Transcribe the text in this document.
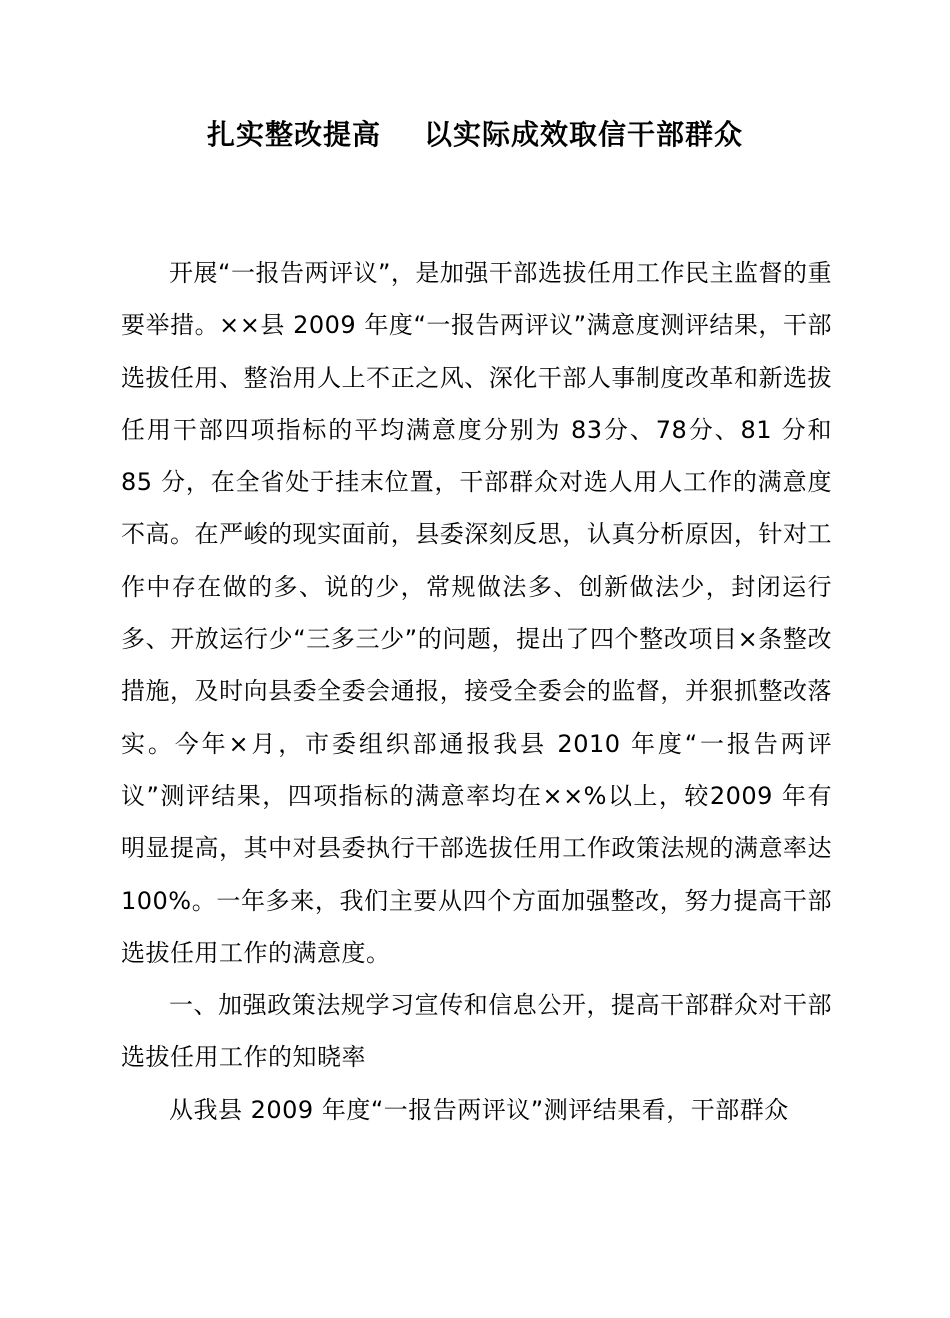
扎实整改提高    以实际成效取信干部群众

开展“一报告两评议”，是加强干部选拔任用工作民主监督的重要举措。××县 2009 年度“一报告两评议”满意度测评结果，干部选拔任用、整治用人上不正之风、深化干部人事制度改革和新选拔任用干部四项指标的平均满意度分别为 83分、78分、81 分和 85 分，在全省处于挂末位置，干部群众对选人用人工作的满意度不高。在严峻的现实面前，县委深刻反思，认真分析原因，针对工作中存在做的多、说的少，常规做法多、创新做法少，封闭运行多、开放运行少“三多三少”的问题，提出了四个整改项目×条整改措施，及时向县委全委会通报，接受全委会的监督，并狠抓整改落实。今年×月，市委组织部通报我县 2010 年度“一报告两评议”测评结果，四项指标的满意率均在××%以上，较2009 年有明显提高，其中对县委执行干部选拔任用工作政策法规的满意率达 100%。一年多来，我们主要从四个方面加强整改，努力提高干部选拔任用工作的满意度。

一、加强政策法规学习宣传和信息公开，提高干部群众对干部选拔任用工作的知晓率

从我县 2009 年度“一报告两评议”测评结果看，干部群众
